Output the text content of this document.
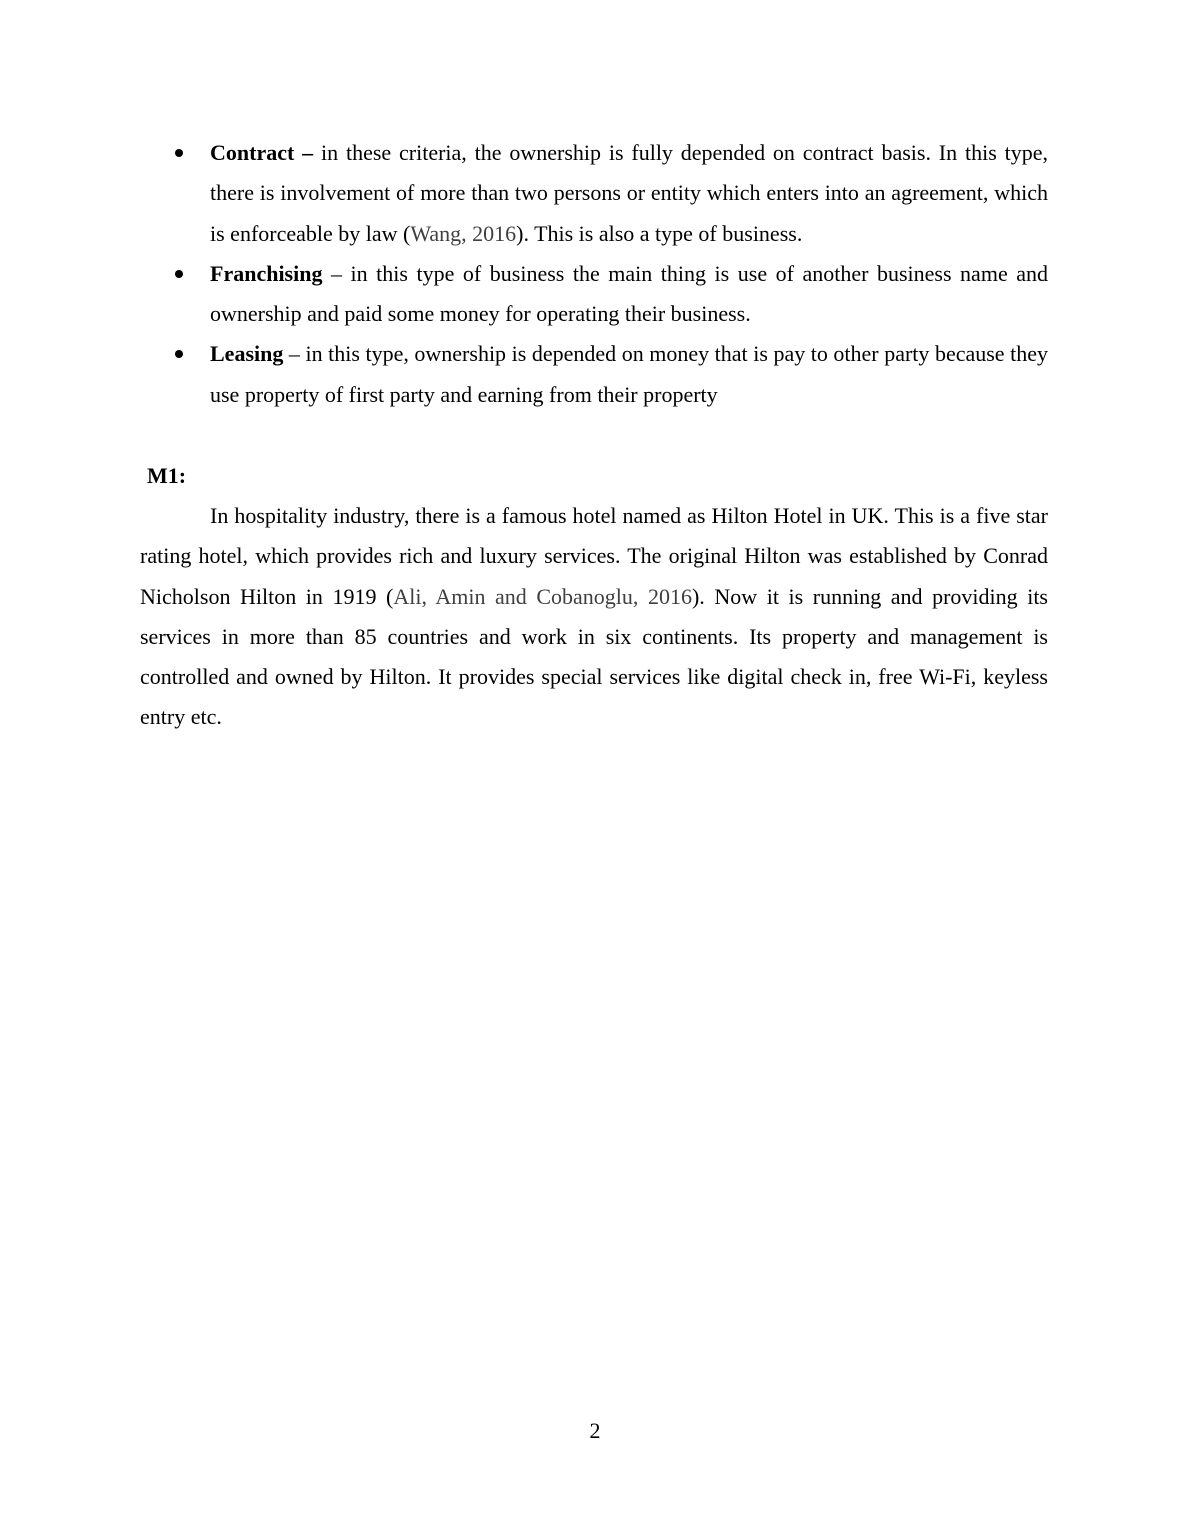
Contract – in these criteria, the ownership is fully depended on contract basis. In this type, there is involvement of more than two persons or entity which enters into an agreement, which is enforceable by law (Wang, 2016). This is also a type of business.
Franchising – in this type of business the main thing is use of another business name and ownership and paid some money for operating their business.
Leasing – in this type, ownership is depended on money that is pay to other party because they use property of first party and earning from their property
M1:

In hospitality industry, there is a famous hotel named as Hilton Hotel in UK. This is a five star rating hotel, which provides rich and luxury services. The original Hilton was established by Conrad Nicholson Hilton in 1919 (Ali, Amin and Cobanoglu, 2016). Now it is running and providing its services in more than 85 countries and work in six continents. Its property and management is controlled and owned by Hilton. It provides special services like digital check in, free Wi-Fi, keyless entry etc.

2
